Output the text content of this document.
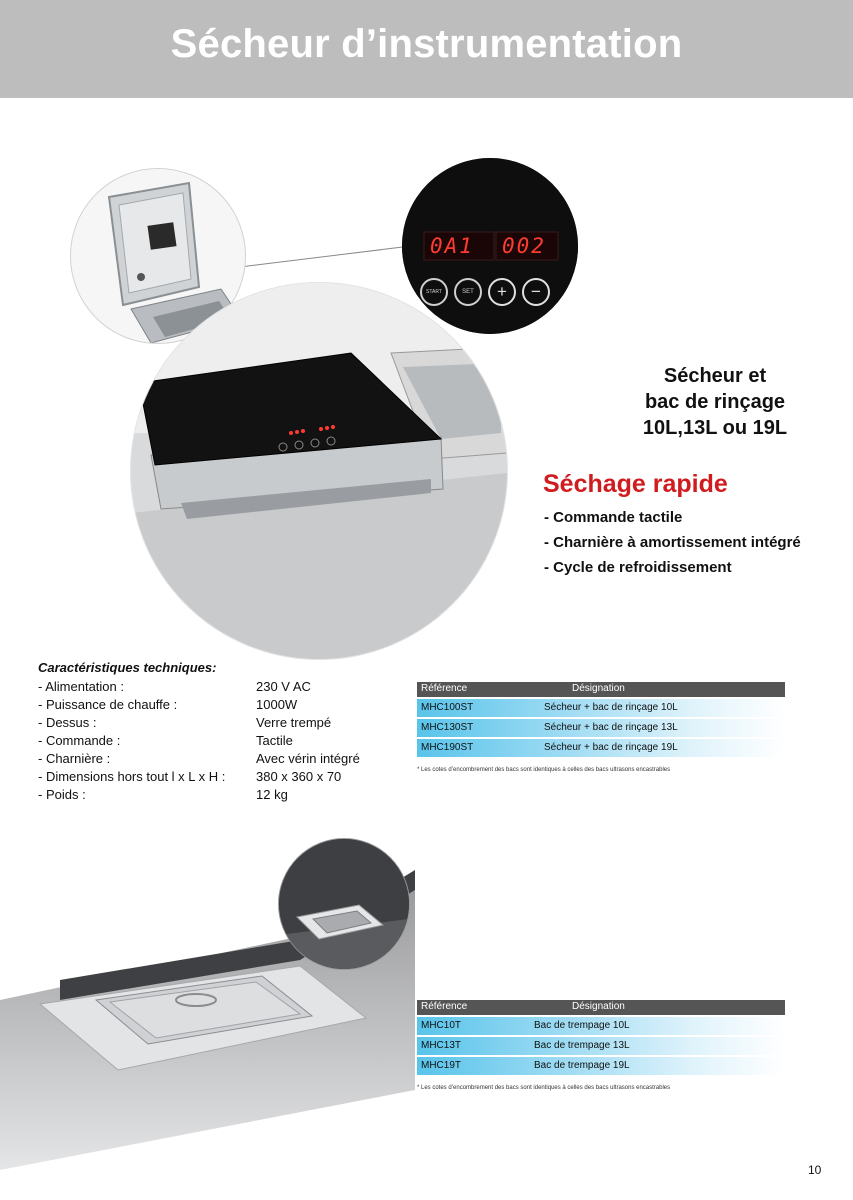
Sécheur d’instrumentation
0A1 002
START	SET	+	−
Sécheur et
bac de rinçage
10L,13L ou 19L
Séchage rapide
- Commande tactile
- Charnière à amortissement intégré
- Cycle de refroidissement
Caractéristiques techniques:
- Alimentation :	230 V AC
- Puissance de chauffe :	1000W
- Dessus :	Verre trempé
- Commande :	Tactile
- Charnière :	Avec vérin intégré
- Dimensions hors tout l x L x H : 380 x 360 x 70
- Poids :	12 kg
Référence	Désignation
MHC100ST	Sécheur + bac de rinçage 10L
MHC130ST	Sécheur + bac de rinçage 13L
MHC190ST	Sécheur + bac de rinçage 19L
* Les cotes d’encombrement des bacs sont identiques à celles des bacs ultrasons encastrables
Référence	Désignation
MHC10T	Bac de trempage 10L
MHC13T	Bac de trempage 13L
MHC19T	Bac de trempage 19L
* Les cotes d’encombrement des bacs sont identiques à celles des bacs ultrasons encastrables
10
